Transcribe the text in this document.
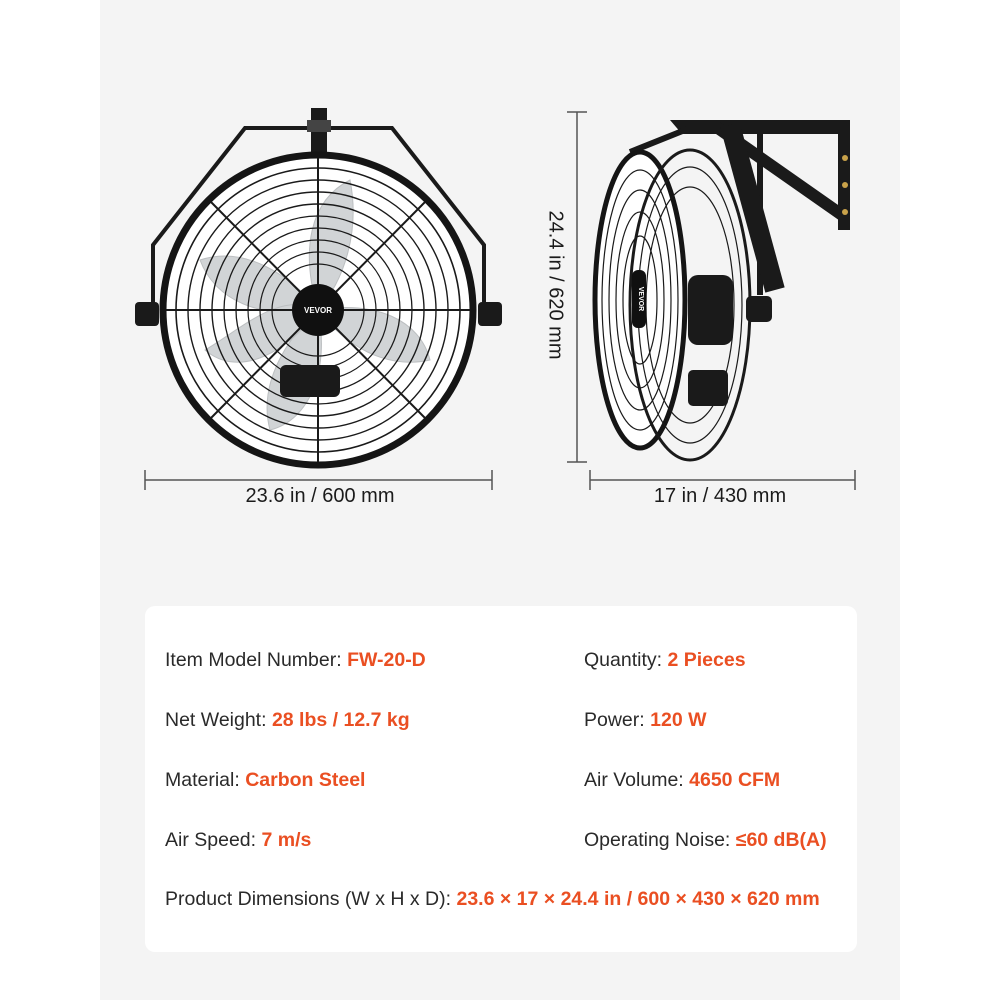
VEVOR	VEVOR
23.6 in / 600 mm	17 in / 430 mm
24.4 in / 620 mm
Item Model Number: FW-20-D	Quantity: 2 Pieces
Net Weight: 28 lbs / 12.7 kg	Power: 120 W
Material: Carbon Steel	Air Volume: 4650 CFM
Air Speed: 7 m/s	Operating Noise: ≤60 dB(A)
Product Dimensions (W x H x D): 23.6 × 17 × 24.4 in / 600 × 430 × 620 mm
